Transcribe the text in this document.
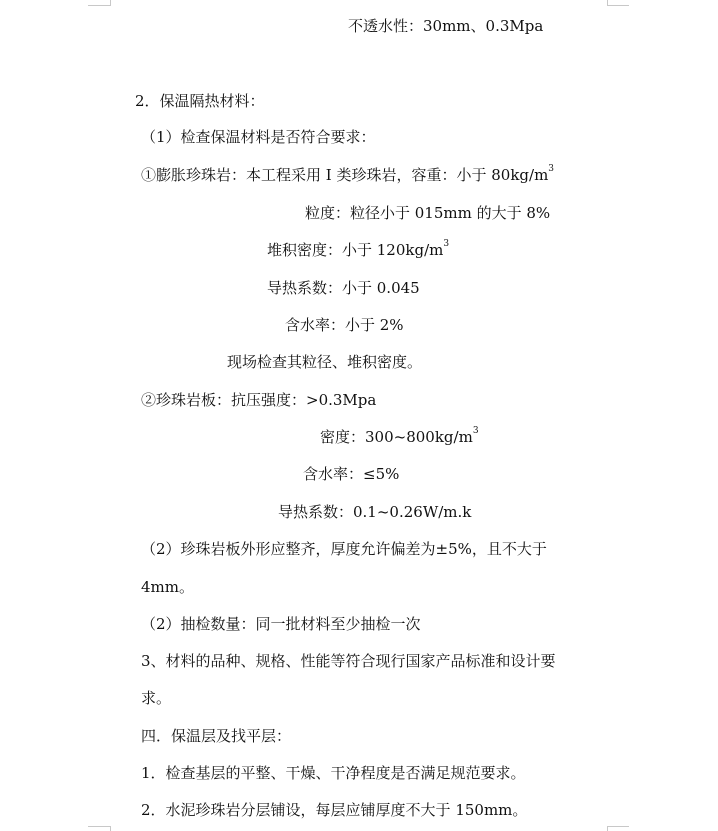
不透水性：30mm、0.3Mpa
2．保温隔热材料：
（1）检查保温材料是否符合要求：
①膨胀珍珠岩：本工程采用 I 类珍珠岩，容重：小于 $80kg/m^3$
粒度：粒径小于 015mm 的大于 8%
堆积密度：小于 $120kg/m^3$
导热系数：小于 0.045
含水率：小于 2%
现场检查其粒径、堆积密度。
②珍珠岩板：抗压强度：>0.3Mpa
密度：$300\sim 800kg/m^3$
含水率：≤5%
导热系数：0.1~0.26W/m.k
（2）珍珠岩板外形应整齐，厚度允许偏差为±5%，且不大于
4mm。
（2）抽检数量：同一批材料至少抽检一次
3、材料的品种、规格、性能等符合现行国家产品标准和设计要
求。
四．保温层及找平层：
1．检查基层的平整、干燥、干净程度是否满足规范要求。
2．水泥珍珠岩分层铺设，每层应铺厚度不大于 150mm。
